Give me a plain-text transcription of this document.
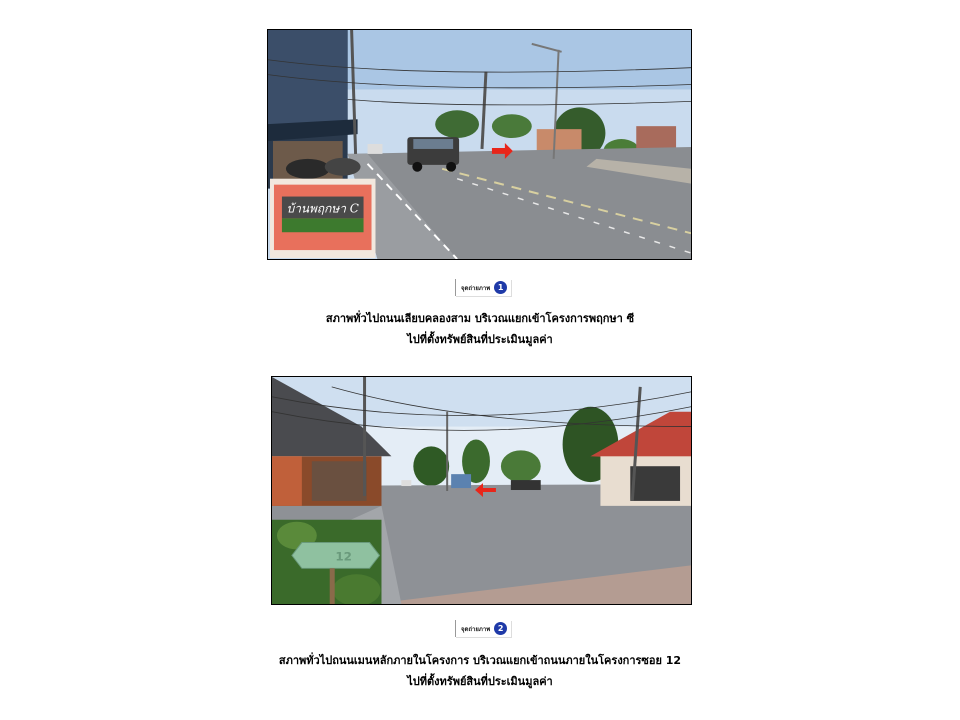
บ้านพฤกษา C
จุดถ่ายภาพ 1
สภาพทั่วไปถนนเลียบคลองสาม บริเวณแยกเข้าโครงการพฤกษา ซี
ไปที่ตั้งทรัพย์สินที่ประเมินมูลค่า
12
จุดถ่ายภาพ 2
สภาพทั่วไปถนนเมนหลักภายในโครงการ บริเวณแยกเข้าถนนภายในโครงการซอย 12
ไปที่ตั้งทรัพย์สินที่ประเมินมูลค่า
